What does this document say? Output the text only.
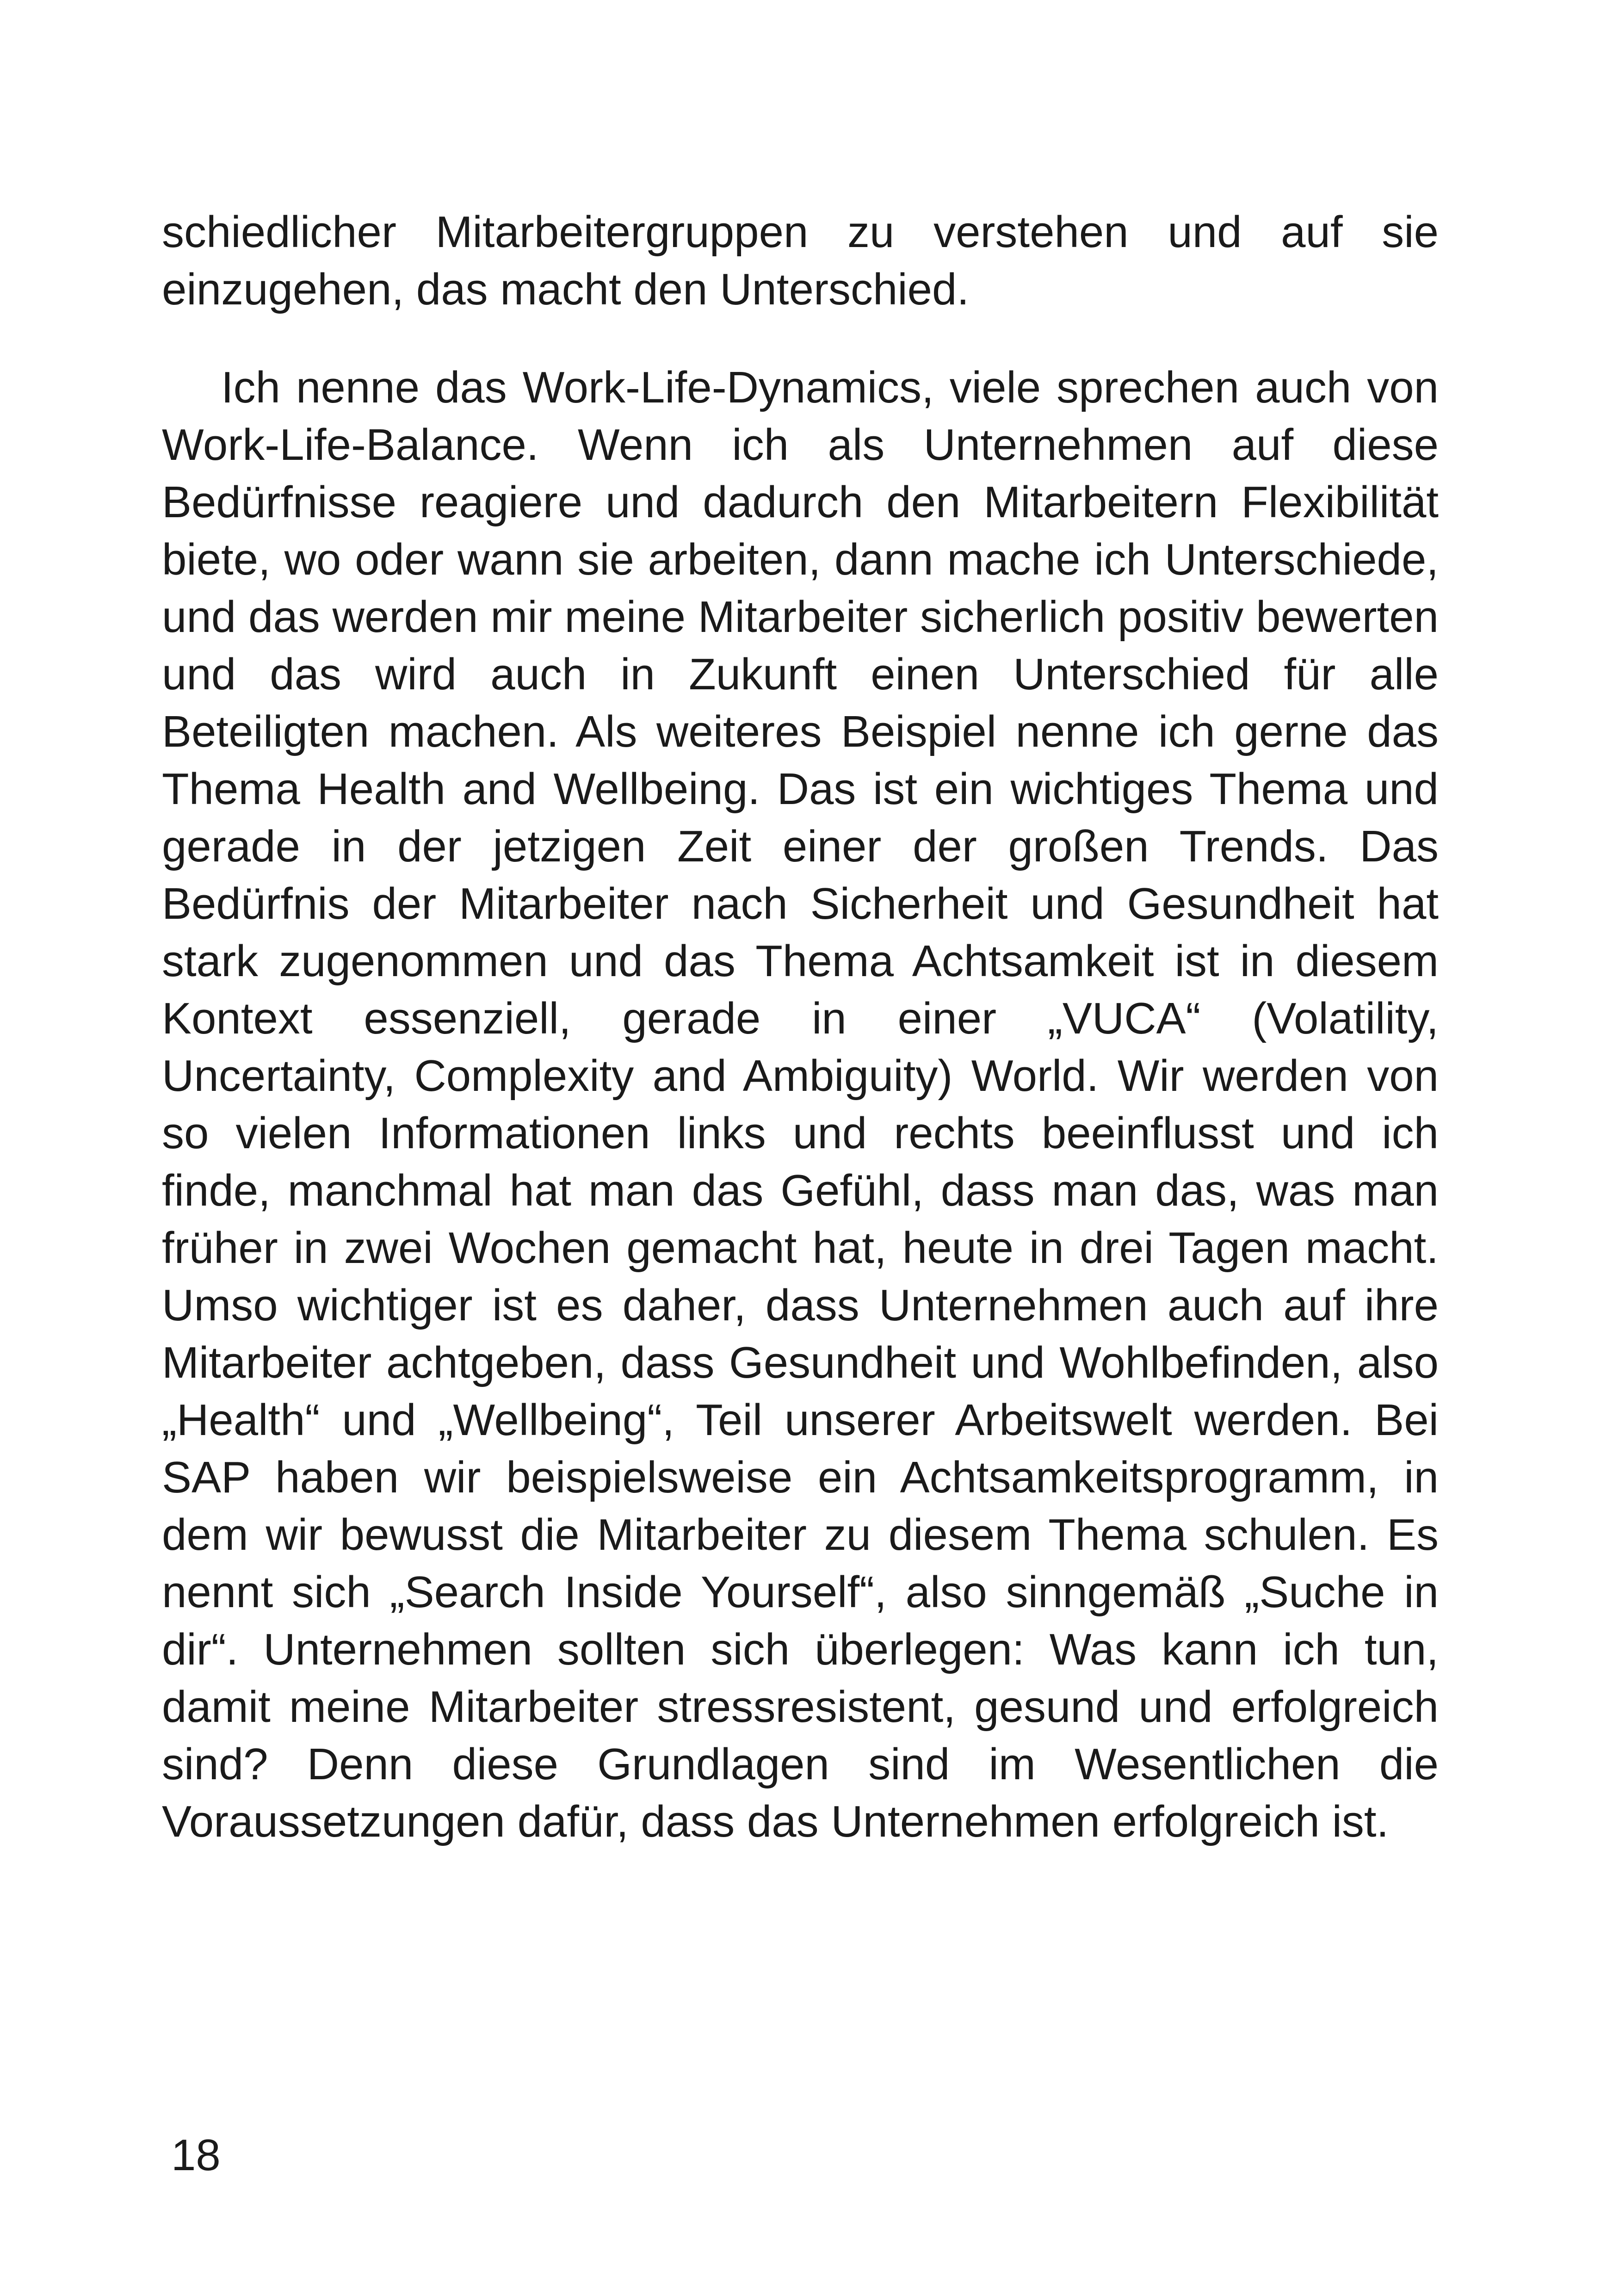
schiedlicher Mitarbeitergruppen zu verstehen und auf sie einzugehen, das macht den Unterschied.

Ich nenne das Work-Life-Dynamics, viele sprechen auch von Work-Life-Balance. Wenn ich als Unternehmen auf diese Bedürfnisse reagiere und dadurch den Mitarbeitern Flexibilität biete, wo oder wann sie arbeiten, dann mache ich Unterschiede, und das werden mir meine Mitarbeiter sicherlich positiv bewerten und das wird auch in Zukunft einen Unterschied für alle Beteiligten machen. Als weiteres Beispiel nenne ich gerne das Thema Health and Wellbeing. Das ist ein wichtiges Thema und gerade in der jetzigen Zeit einer der großen Trends. Das Bedürfnis der Mitarbeiter nach Sicherheit und Gesundheit hat stark zugenommen und das Thema Achtsamkeit ist in diesem Kontext essenziell, gerade in einer „VUCA“ (Volatility, Uncertainty, Complexity and Ambiguity) World. Wir werden von so vielen Informationen links und rechts beeinflusst und ich finde, manchmal hat man das Gefühl, dass man das, was man früher in zwei Wochen gemacht hat, heute in drei Tagen macht. Umso wichtiger ist es daher, dass Unternehmen auch auf ihre Mitarbeiter achtgeben, dass Gesundheit und Wohlbefinden, also „Health“ und „Wellbeing“, Teil unserer Arbeitswelt werden. Bei SAP haben wir beispielsweise ein Achtsamkeitsprogramm, in dem wir bewusst die Mitarbeiter zu diesem Thema schulen. Es nennt sich „Search Inside Yourself“, also sinngemäß „Suche in dir“. Unternehmen sollten sich überlegen: Was kann ich tun, damit meine Mitarbeiter stressresistent, gesund und erfolgreich sind? Denn diese Grundlagen sind im Wesentlichen die Voraussetzungen dafür, dass das Unternehmen erfolgreich ist.

18
